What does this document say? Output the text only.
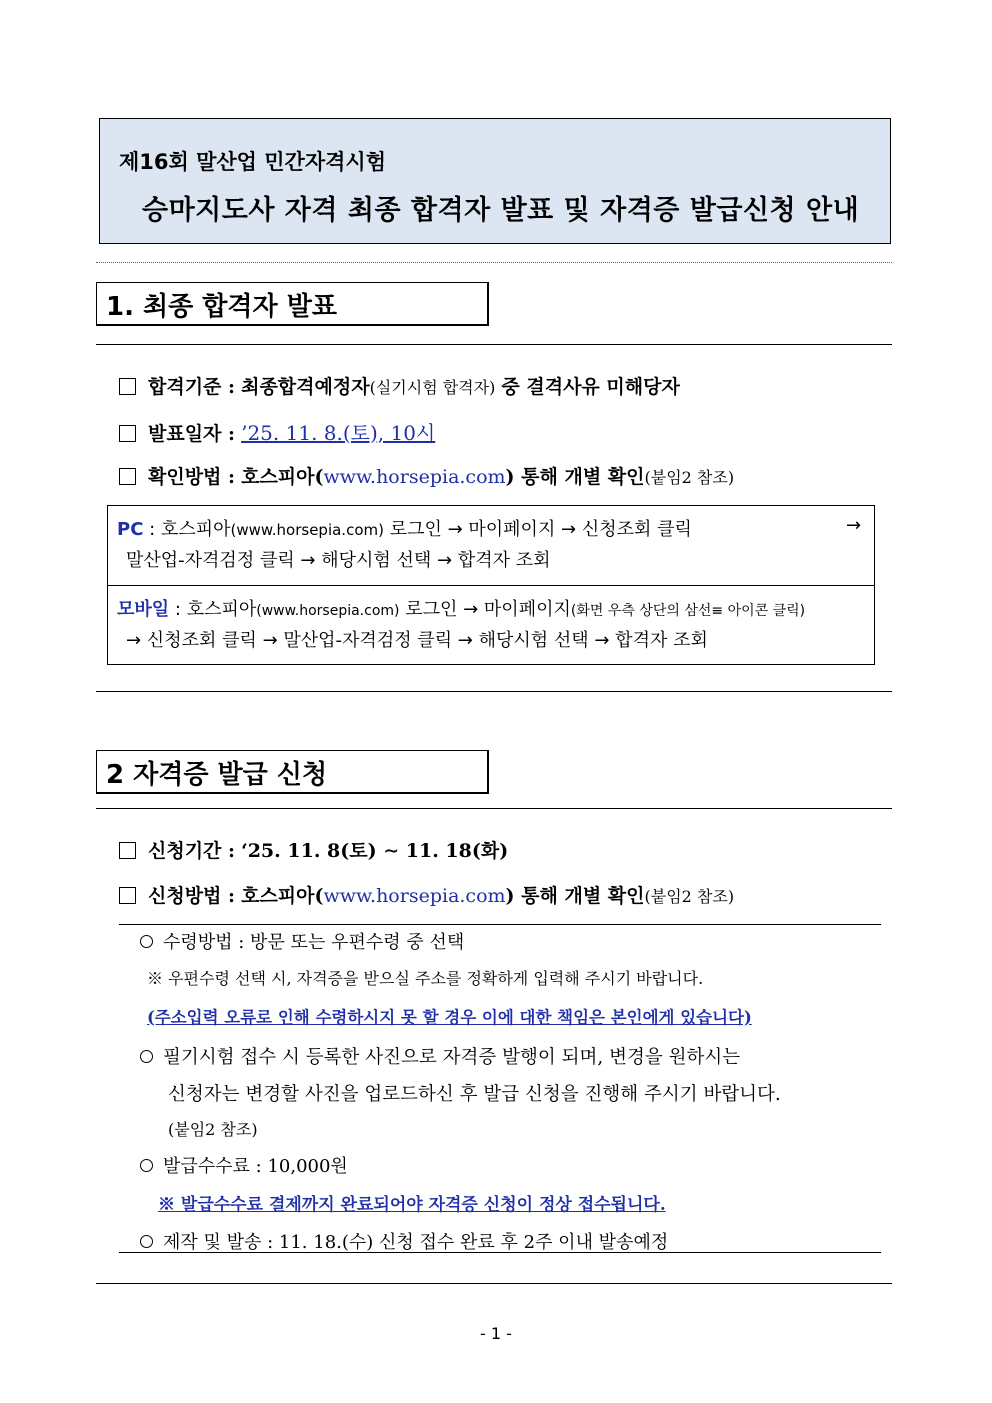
제16회 말산업 민간자격시험
승마지도사 자격 최종 합격자 발표 및 자격증 발급신청 안내
1. 최종 합격자 발표
합격기준 : 최종합격예정자(실기시험 합격자) 중 결격사유 미해당자
발표일자 : ’25. 11. 8.(토), 10시
확인방법 : 호스피아(www.horsepia.com) 통해 개별 확인(붙임2 참조)
PC : 호스피아(www.horsepia.com) 로그인 → 마이페이지 → 신청조회 클릭	→
말산업-자격검정 클릭 → 해당시험 선택 → 합격자 조회
모바일 : 호스피아(www.horsepia.com) 로그인 → 마이페이지(화면 우측 상단의 삼선≡ 아이콘 클릭)
→ 신청조회 클릭 → 말산업-자격검정 클릭 → 해당시험 선택 → 합격자 조회
2 자격증 발급 신청
신청기간 : ‘25. 11. 8(토) ∼ 11. 18(화)
신청방법 : 호스피아(www.horsepia.com) 통해 개별 확인(붙임2 참조)
수령방법 : 방문 또는 우편수령 중 선택
※ 우편수령 선택 시, 자격증을 받으실 주소를 정확하게 입력해 주시기 바랍니다.
(주소입력 오류로 인해 수령하시지 못 할 경우 이에 대한 책임은 본인에게 있습니다)
필기시험 접수 시 등록한 사진으로 자격증 발행이 되며, 변경을 원하시는
신청자는 변경할 사진을 업로드하신 후 발급 신청을 진행해 주시기 바랍니다.
(붙임2 참조)
발급수수료 : 10,000원
※ 발급수수료 결제까지 완료되어야 자격증 신청이 정상 접수됩니다.
제작 및 발송 : 11. 18.(수) 신청 접수 완료 후 2주 이내 발송예정
- 1 -
